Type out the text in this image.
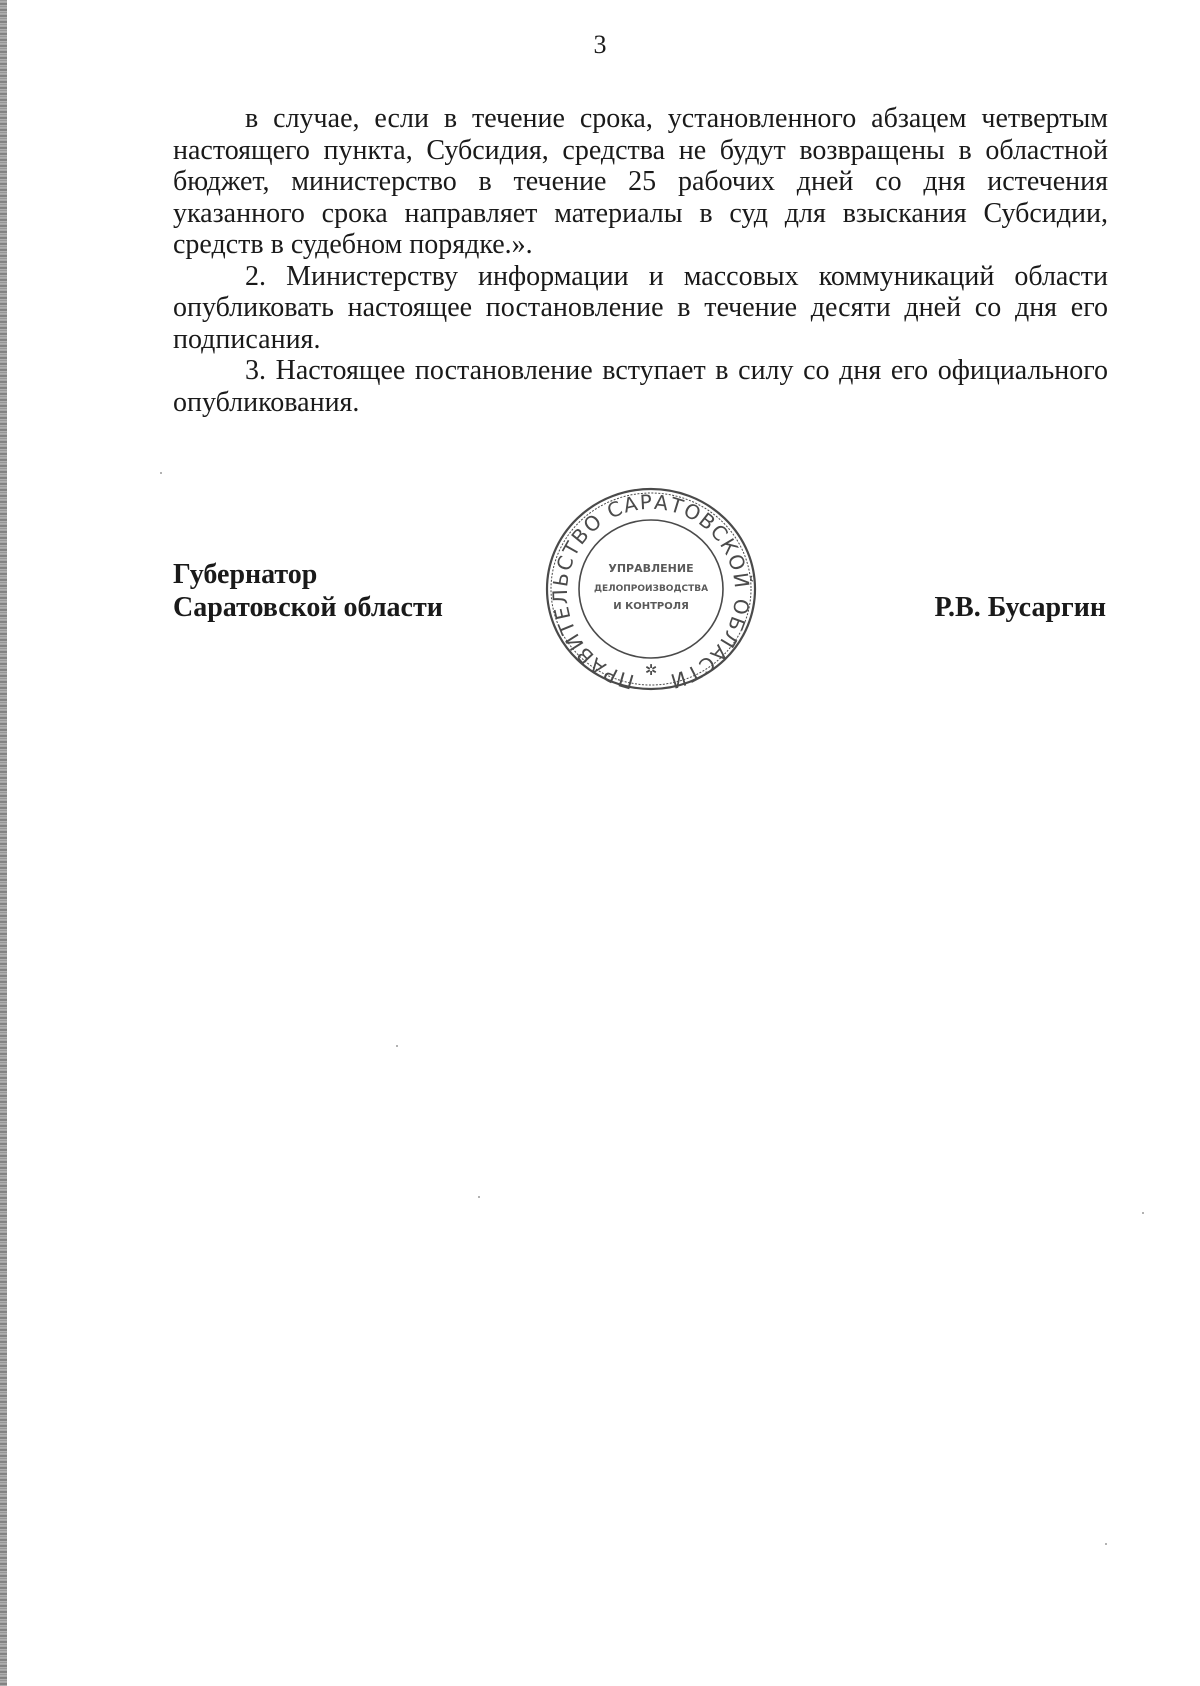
3

в случае, если в течение срока, установленного абзацем четвертым настоящего пункта, Субсидия, средства не будут возвращены в областной бюджет, министерство в течение 25 рабочих дней со дня истечения указанного срока направляет материалы в суд для взыскания Субсидии, средств в судебном порядке.».

2. Министерству информации и массовых коммуникаций области опубликовать настоящее постановление в течение десяти дней со дня его подписания.

3. Настоящее постановление вступает в силу со дня его официального опубликования.

Губернатор
Саратовской области	Р.В. Бусаргин
ПРАВИТЕЛЬСТВО САРАТОВСКОЙ ОБЛАСТИ
УПРАВЛЕНИЕ
ДЕЛОПРОИЗВОДСТВА
И КОНТРОЛЯ
✲
